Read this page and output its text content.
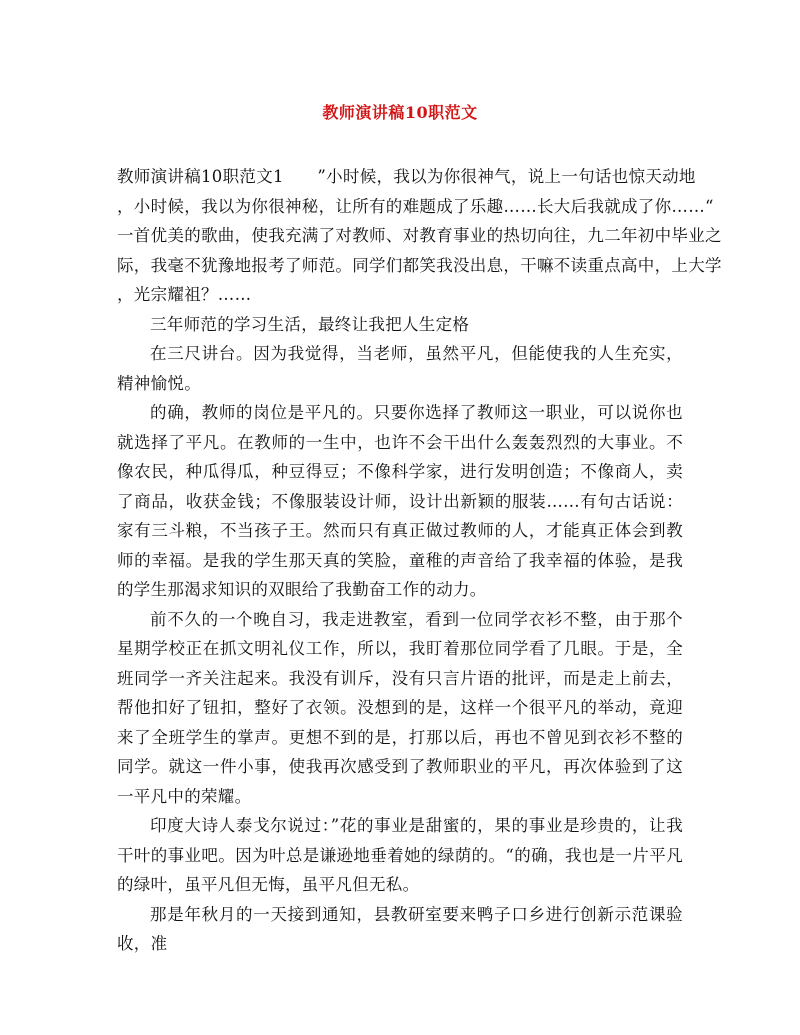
教师演讲稿10职范文
教师演讲稿10职范文1　　”小时候，我以为你很神气，说上一句话也惊天动地
，小时候，我以为你很神秘，让所有的难题成了乐趣……长大后我就成了你……“
一首优美的歌曲，使我充满了对教师、对教育事业的热切向往，九二年初中毕业之
际，我毫不犹豫地报考了师范。同学们都笑我没出息，干嘛不读重点高中，上大学
，光宗耀祖？……

三年师范的学习生活，最终让我把人生定格

在三尺讲台。因为我觉得，当老师，虽然平凡，但能使我的人生充实，精神愉悦。

的确，教师的岗位是平凡的。只要你选择了教师这一职业，可以说你也就选择了平凡。在教师的一生中，也许不会干出什么轰轰烈烈的大事业。不像农民，种瓜得瓜，种豆得豆；不像科学家，进行发明创造；不像商人，卖了商品，收获金钱；不像服装设计师，设计出新颖的服装……有句古话说：家有三斗粮，不当孩子王。然而只有真正做过教师的人，才能真正体会到教师的幸福。是我的学生那天真的笑脸，童稚的声音给了我幸福的体验，是我的学生那渴求知识的双眼给了我勤奋工作的动力。

前不久的一个晚自习，我走进教室，看到一位同学衣衫不整，由于那个星期学校正在抓文明礼仪工作，所以，我盯着那位同学看了几眼。于是，全班同学一齐关注起来。我没有训斥，没有只言片语的批评，而是走上前去，帮他扣好了钮扣，整好了衣领。没想到的是，这样一个很平凡的举动，竟迎来了全班学生的掌声。更想不到的是，打那以后，再也不曾见到衣衫不整的同学。就这一件小事，使我再次感受到了教师职业的平凡，再次体验到了这一平凡中的荣耀。

印度大诗人泰戈尔说过：”花的事业是甜蜜的，果的事业是珍贵的，让我干叶的事业吧。因为叶总是谦逊地垂着她的绿荫的。“的确，我也是一片平凡的绿叶，虽平凡但无悔，虽平凡但无私。

那是年秋月的一天接到通知，县教研室要来鸭子口乡进行创新示范课验收，准
